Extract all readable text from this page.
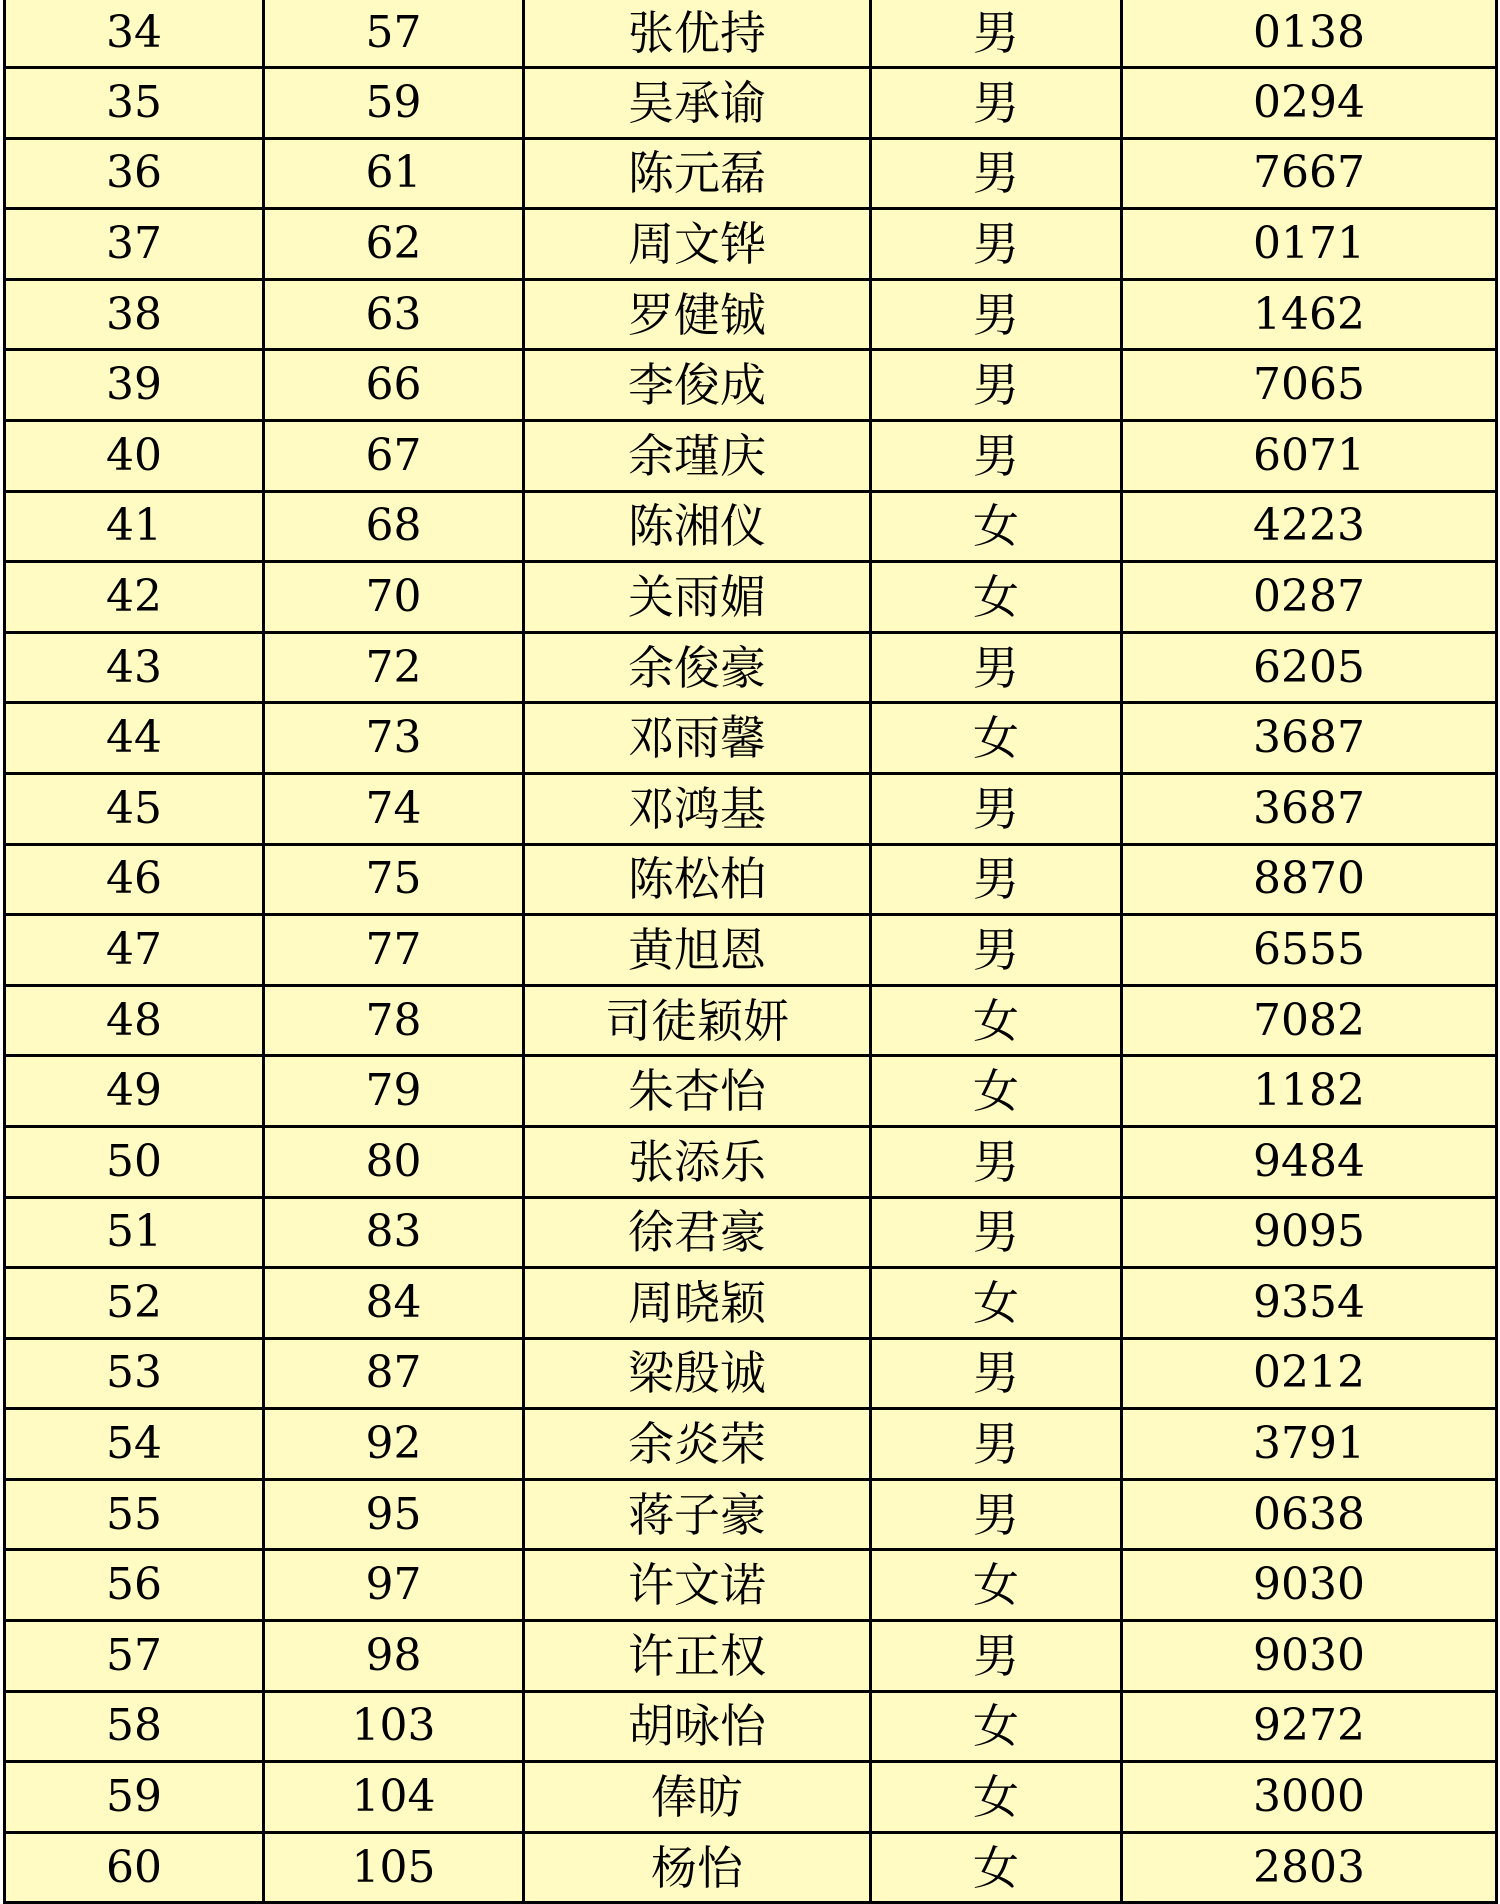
34	57	张优持	男	0138
35	59	吴承谕	男	0294
36	61	陈元磊	男	7667
37	62	周文铧	男	0171
38	63	罗健铖	男	1462
39	66	李俊成	男	7065
40	67	余瑾庆	男	6071
41	68	陈湘仪	女	4223
42	70	关雨媚	女	0287
43	72	余俊豪	男	6205
44	73	邓雨馨	女	3687
45	74	邓鸿基	男	3687
46	75	陈松柏	男	8870
47	77	黄旭恩	男	6555
48	78	司徒颖妍	女	7082
49	79	朱杏怡	女	1182
50	80	张添乐	男	9484
51	83	徐君豪	男	9095
52	84	周晓颖	女	9354
53	87	梁殷诚	男	0212
54	92	余炎荣	男	3791
55	95	蒋子豪	男	0638
56	97	许文诺	女	9030
57	98	许正权	男	9030
58	103	胡咏怡	女	9272
59	104	俸昉	女	3000
60	105	杨怡	女	2803
